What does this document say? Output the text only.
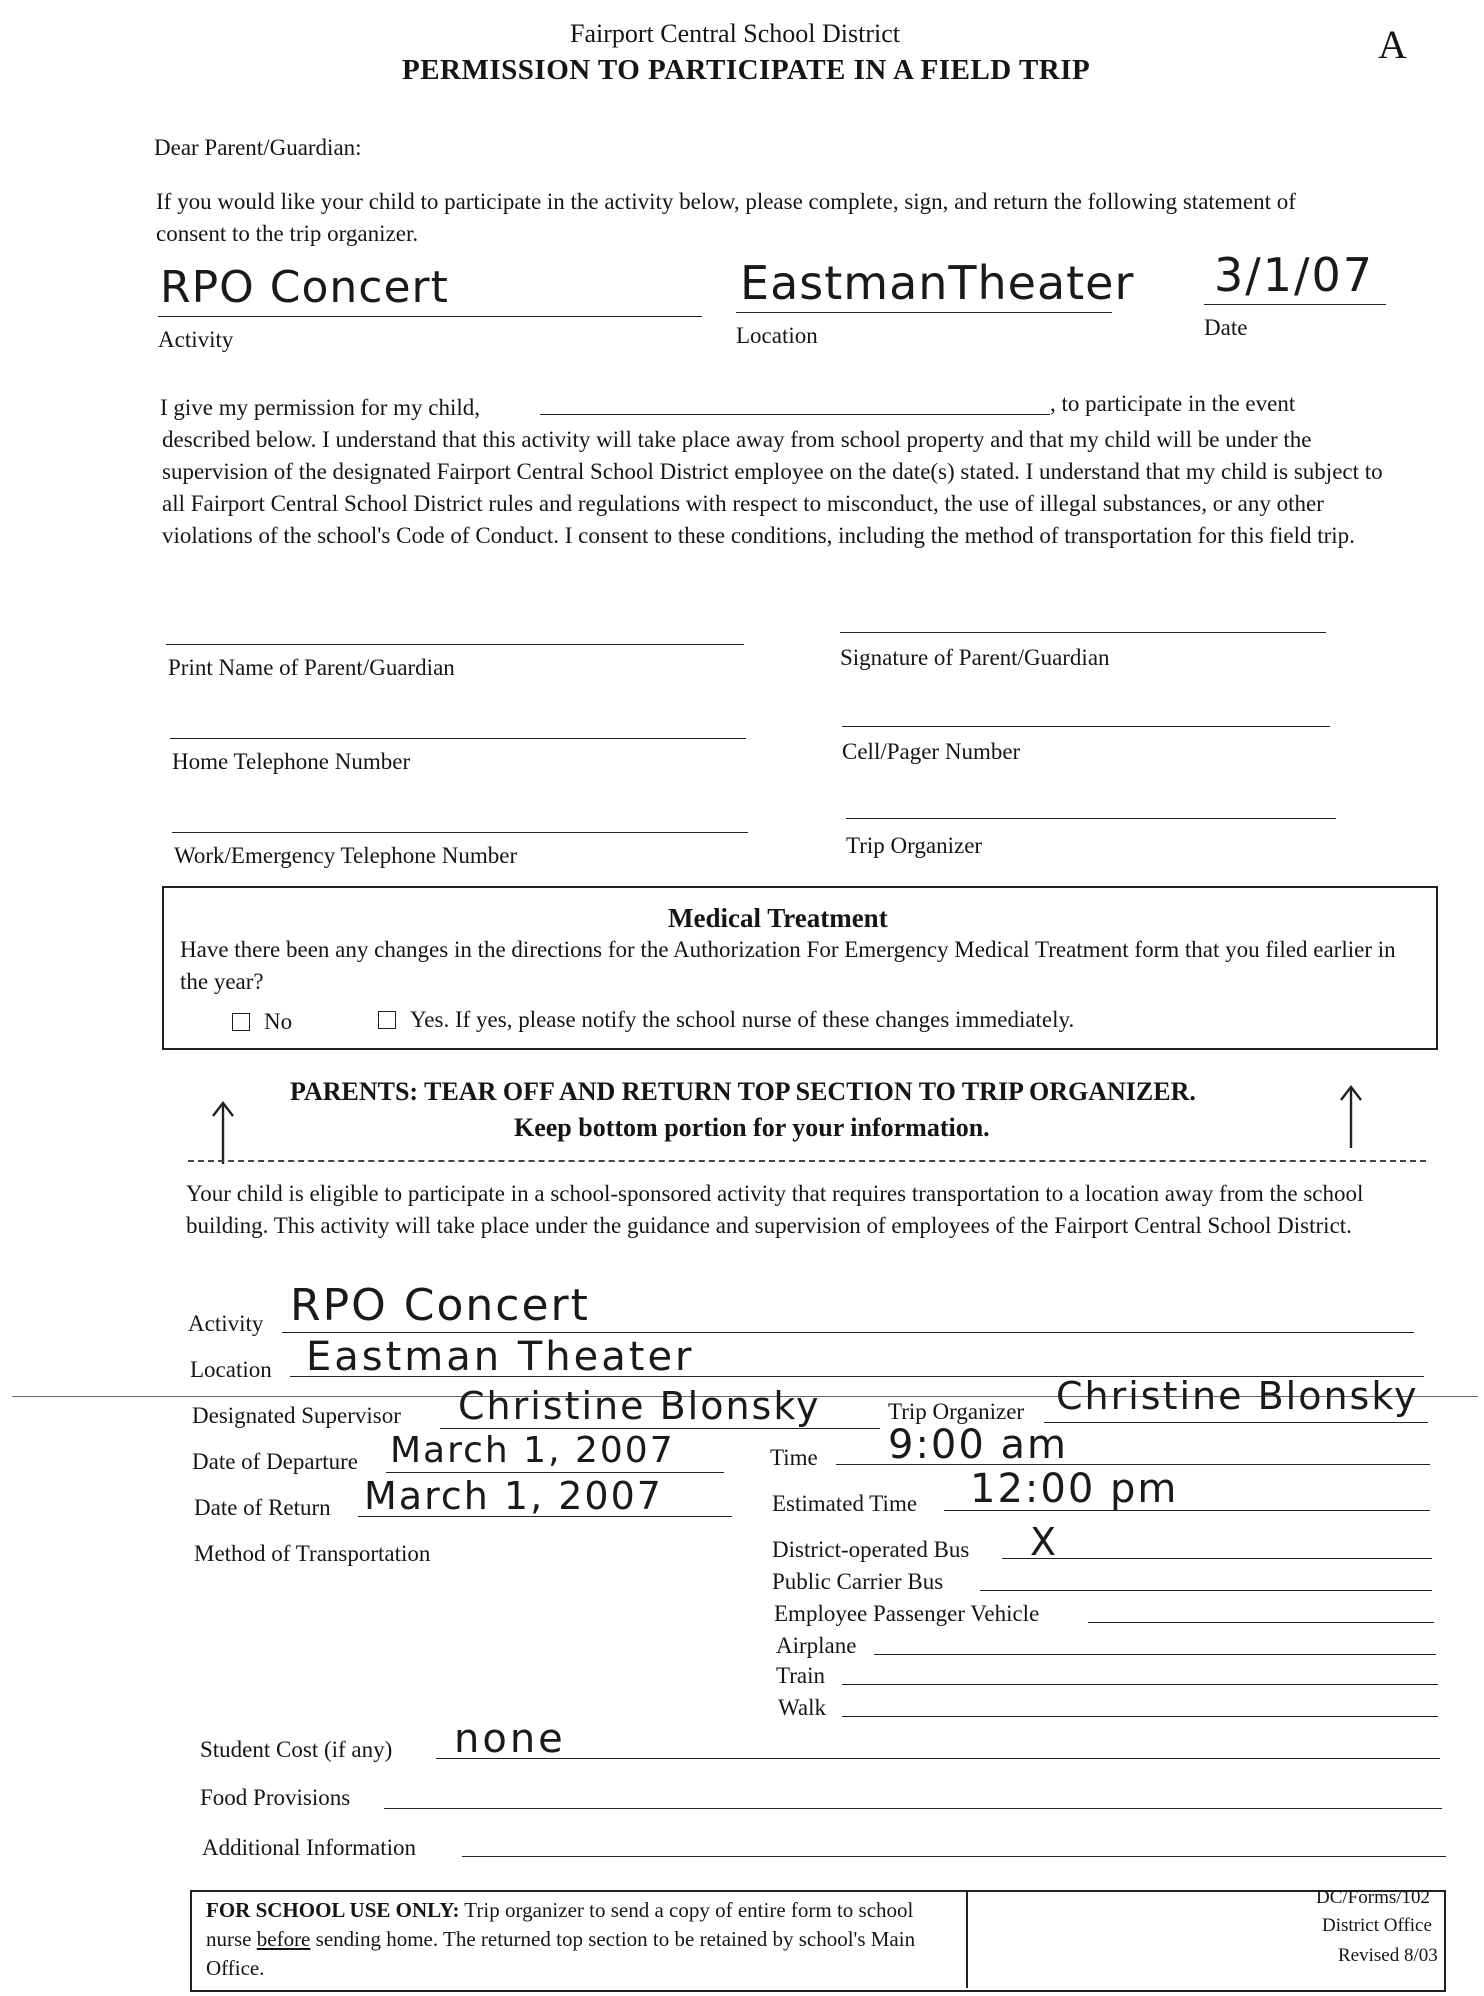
Fairport Central School District
PERMISSION TO PARTICIPATE IN A FIELD TRIP
A
Dear Parent/Guardian:
If you would like your child to participate in the activity below, please complete, sign, and return the following statement of consent to the trip organizer.
RPO Concert
Activity
EastmanTheater
Location
3/1/07
Date
I give my permission for my child,	, to participate in the event
described below. I understand that this activity will take place away from school property and that my child will be under the supervision of the designated Fairport Central School District employee on the date(s) stated. I understand that my child is subject to all Fairport Central School District rules and regulations with respect to misconduct, the use of illegal substances, or any other violations of the school's Code of Conduct. I consent to these conditions, including the method of transportation for this field trip.
Print Name of Parent/Guardian	Signature of Parent/Guardian
Home Telephone Number	Cell/Pager Number
Work/Emergency Telephone Number	Trip Organizer
Medical Treatment
Have there been any changes in the directions for the Authorization For Emergency Medical Treatment form that you filed earlier in the year?
No	Yes. If yes, please notify the school nurse of these changes immediately.
PARENTS: TEAR OFF AND RETURN TOP SECTION TO TRIP ORGANIZER.
Keep bottom portion for your information.
Your child is eligible to participate in a school-sponsored activity that requires transportation to a location away from the school building. This activity will take place under the guidance and supervision of employees of the Fairport Central School District.
Activity RPO Concert
Location Eastman Theater
Designated Supervisor Christine Blonsky	Trip Organizer Christine Blonsky
Date of Departure March 1, 2007	Time 9:00 am
Date of Return March 1, 2007	Estimated Time 12:00 pm
Method of Transportation	District-operated Bus X
Public Carrier Bus
Employee Passenger Vehicle
Airplane
Train
Walk
Student Cost (if any) none
Food Provisions
Additional Information
FOR SCHOOL USE ONLY: Trip organizer to send a copy of entire form to school nurse before sending home. The returned top section to be retained by school's Main Office.
DC/Forms/102
District Office
Revised 8/03
